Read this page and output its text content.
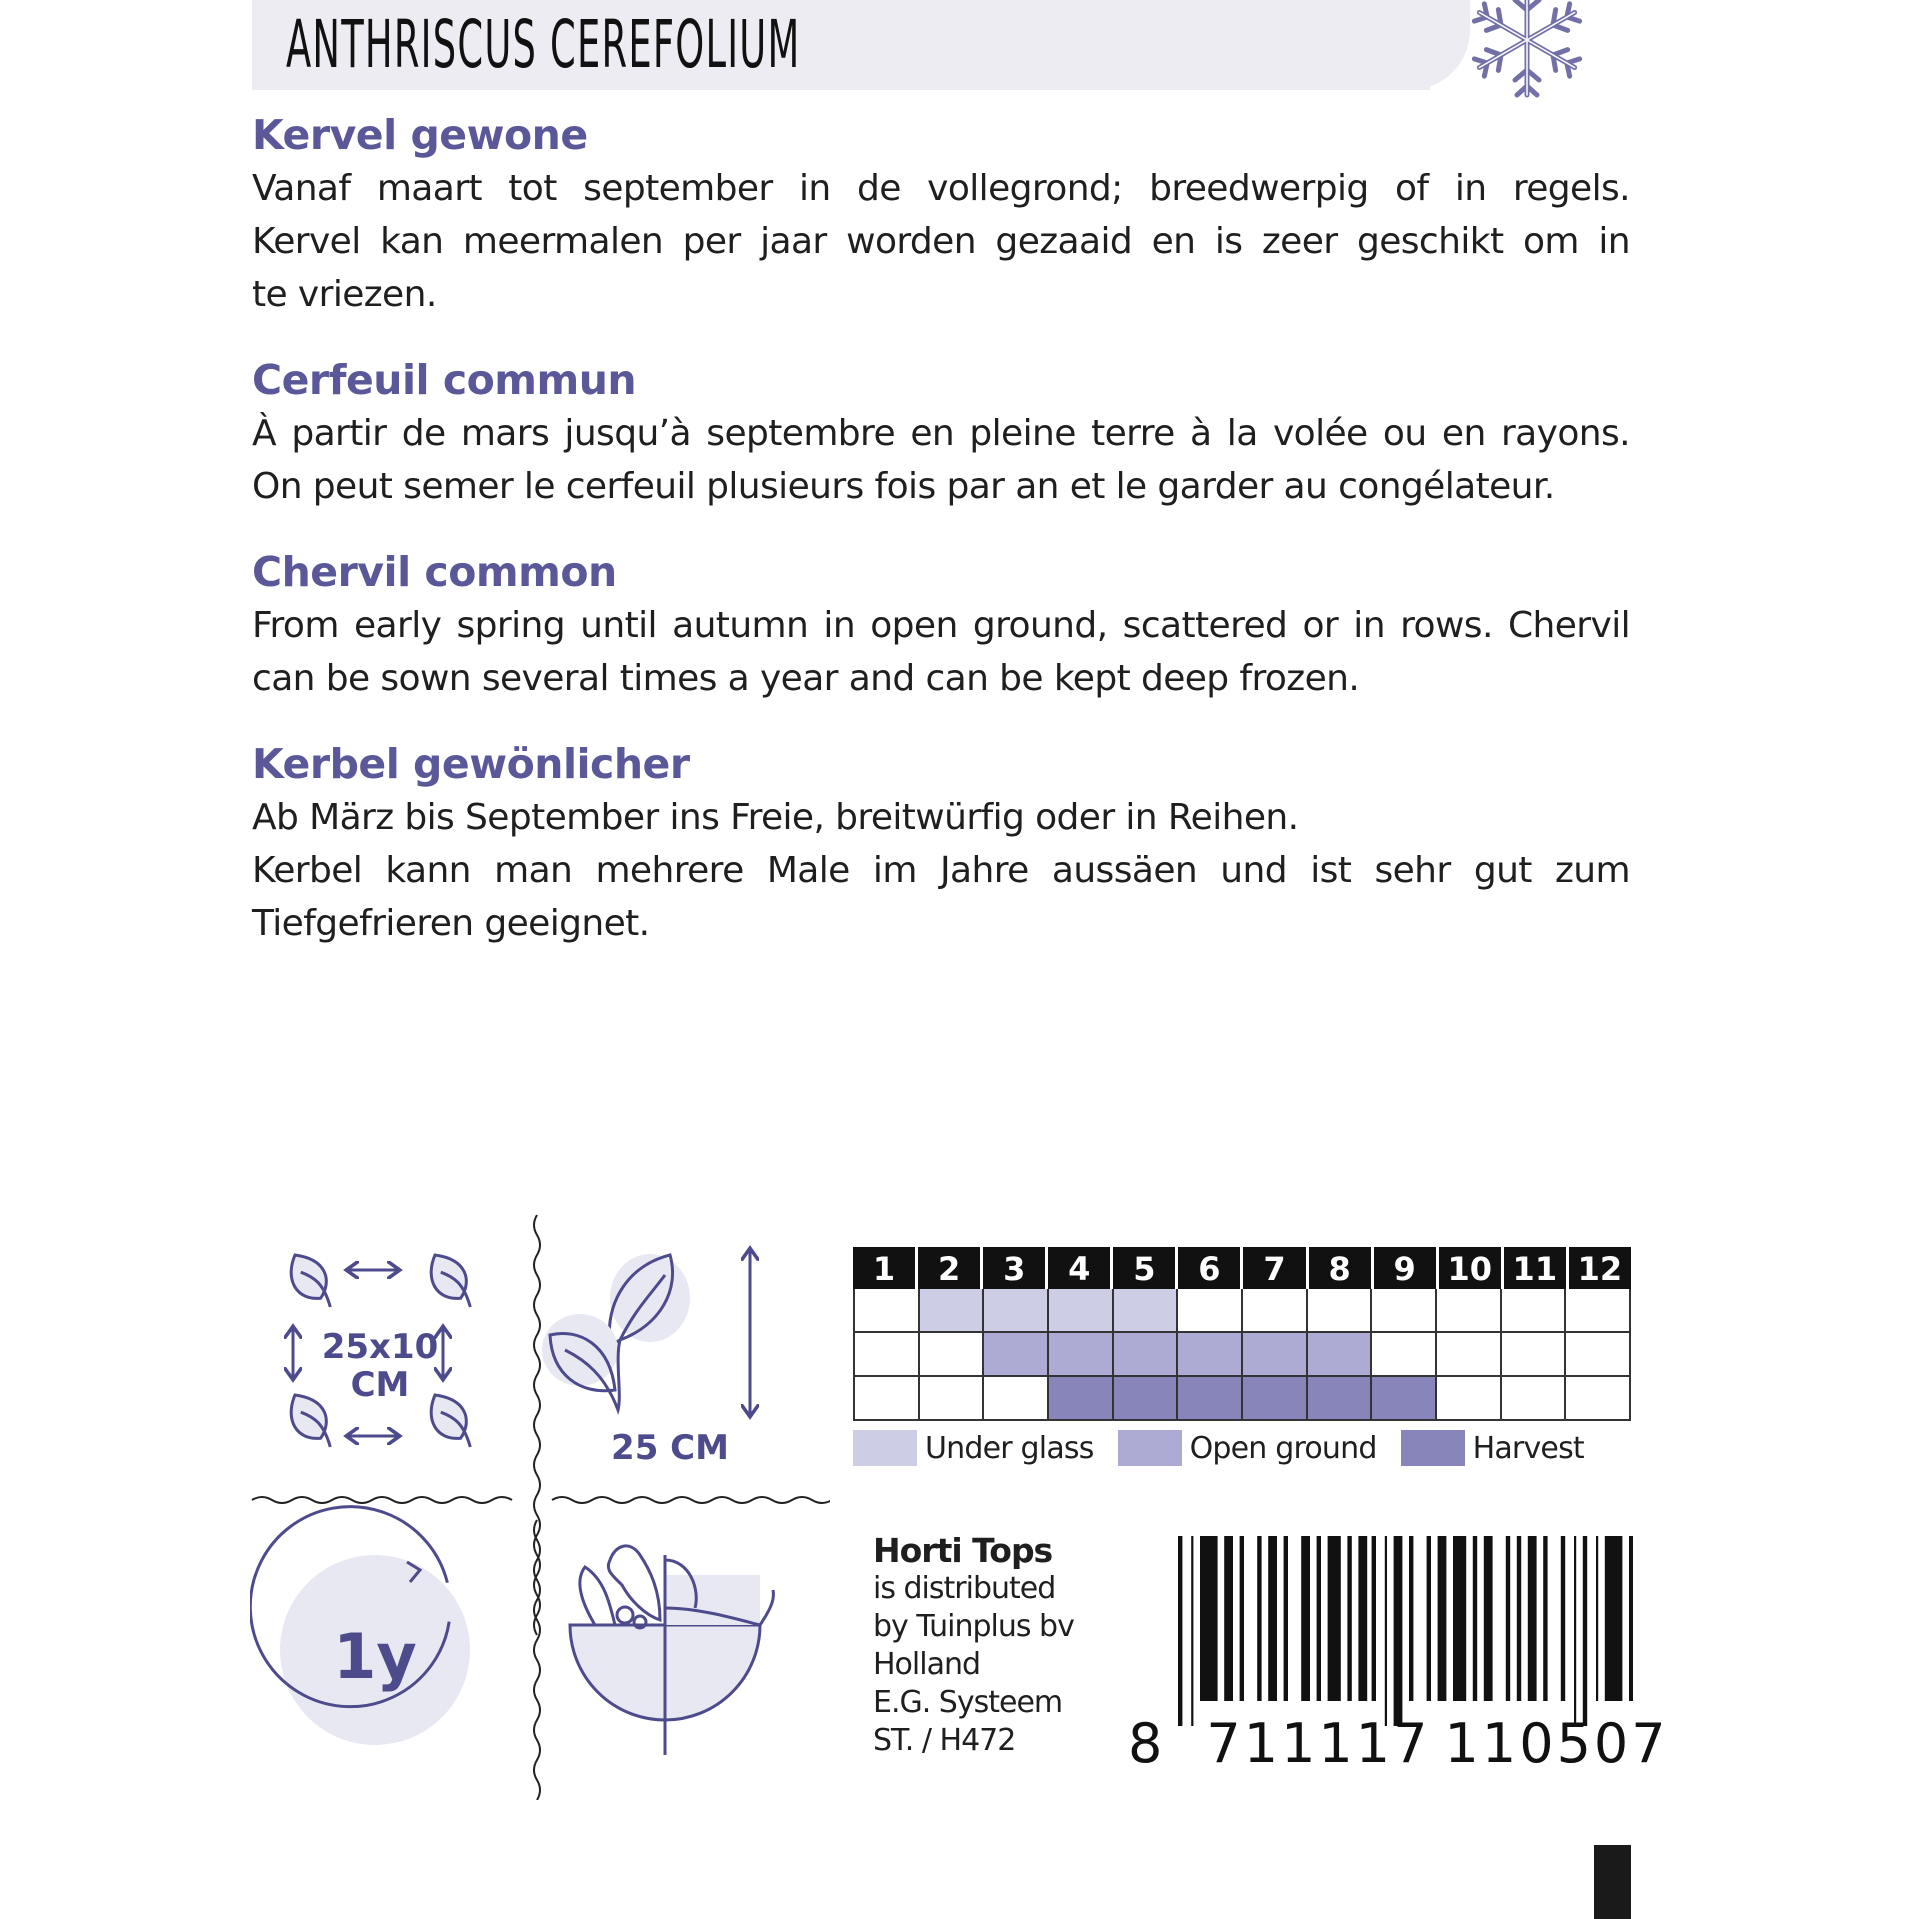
ANTHRISCUS CEREFOLIUM
Kervel gewone

Vanaf maart tot september in de vollegrond; breedwerpig of in regels.

Kervel kan meermalen per jaar worden gezaaid en is zeer geschikt om in

te vriezen.

Cerfeuil commun

À partir de mars jusqu’à septembre en pleine terre à la volée ou en rayons.

On peut semer le cerfeuil plusieurs fois par an et le garder au congélateur.

Chervil common

From early spring until autumn in open ground, scattered or in rows. Chervil

can be sown several times a year and can be kept deep frozen.

Kerbel gewönlicher

Ab März bis September ins Freie, breitwürfig oder in Reihen.

Kerbel kann man mehrere Male im Jahre aussäen und ist sehr gut zum

Tiefgefrieren geeignet.

25x10
CM
25 CM
1y
1	2	3	4	5	6	7	8	9 10 11 12
Under glass	Open ground	Harvest
Horti Tops
is distributed
by Tuinplus bv
Holland
E.G. Systeem
ST. / H472	8 711117 110507
